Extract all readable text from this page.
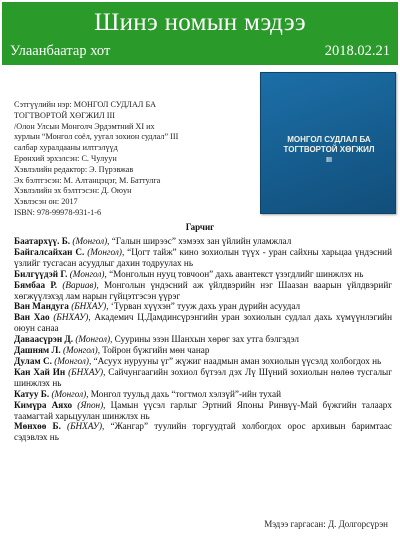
Шинэ номын мэдээ
Улаанбаатар хот	2018.02.21

Сэтгүүлийн нэр: МОНГОЛ СУДЛАЛ БА

ТОГТВОРТОЙ ХӨГЖИЛ III

/Олон Улсын Монголч Эрдэмтний XI их

хурлын “Монгол соёл, уугал зохион судлал” III

салбар хуралдааны илтгэлүүд

Ерөнхий эрхэлсэн: С. Чулуун

Хэвлэлийн редактор: Э. Пүрэвжав

Эх бэлтгэсэн: М. Алтанцэцэг, М. Баттулга

Хэвлэлийн эх бэлтгэсэн: Д. Оюун

Хэвлэсэн он: 2017

ISBN: 978-99978-931-1-6

МОНГОЛ СУДЛАЛ БА ТОГТВОРТОЙ ХӨГЖИЛ
III
Гарчиг

Баатархүү. Б. (Монгол), “Галын ширээс” хэмээх зан үйлийн уламжлал

Байгалсайхан С. (Монгол), “Цогт тайж” кино зохиолын түүх - уран сайхны харьцаа үндэсний үзлийг тусгасан асуудлыг дахин тодруулах нь

Билгүүдэй Г. (Монгол), “Монголын нууц товчоон” дахь авантекст үзэгдлийг шинжлэх нь

Бямбаа Р. (Вариав), Монголын үндэсний аж үйлдвэрийн нэг Шаазан ваарын үйлдвэрийг хөгжүүлэхэд лам нарын гүйцэтгэсэн үүрэг

Ван Мандуга (БНХАУ), ‘Турван хүүхэн” тууж дахь уран дүрийн асуудал

Ван Хао (БНХАУ), Академич Ц.Дамдинсүрэнгийн уран зохиолын судлал дахь хүмүүнлэгийн оюун санаа

Даваасүрэн Д. (Монгол), Суурины эзэн Шанхын хөрөг зах утга бэлгэдэл

Дашням Л. (Монгол), Тойрон бүжгийн мөн чанар

Дулам С. (Монгол), “Асуух нурууны үг” жүжиг наадмын аман зохиолын үүсэлд холбогдох нь

Кан Хай Ин (БНХАУ), Сайчунгаагийн зохиол бүтээл дэх Лү Шүний зохиолын нөлөө тусгалыг шинжлэх нь

Катуу Б. (Монгол), Монгол туульд дахь “тогтмол хэлзүй”-ийн тухай

Кимүра Аяхо (Япон), Цамын үүсэл гарлыг Эртний Японы Ринвүү-Май бүжгийн талаарх таамагтай харьцуулан шинжлэх нь

Мөнхөө Б. (БНХАУ), “Жангар” туулийн торгуудтай холбогдох орос архивын баримтаас сэдэвлэх нь

Мэдээ гаргасан: Д. Долгорсүрэн
